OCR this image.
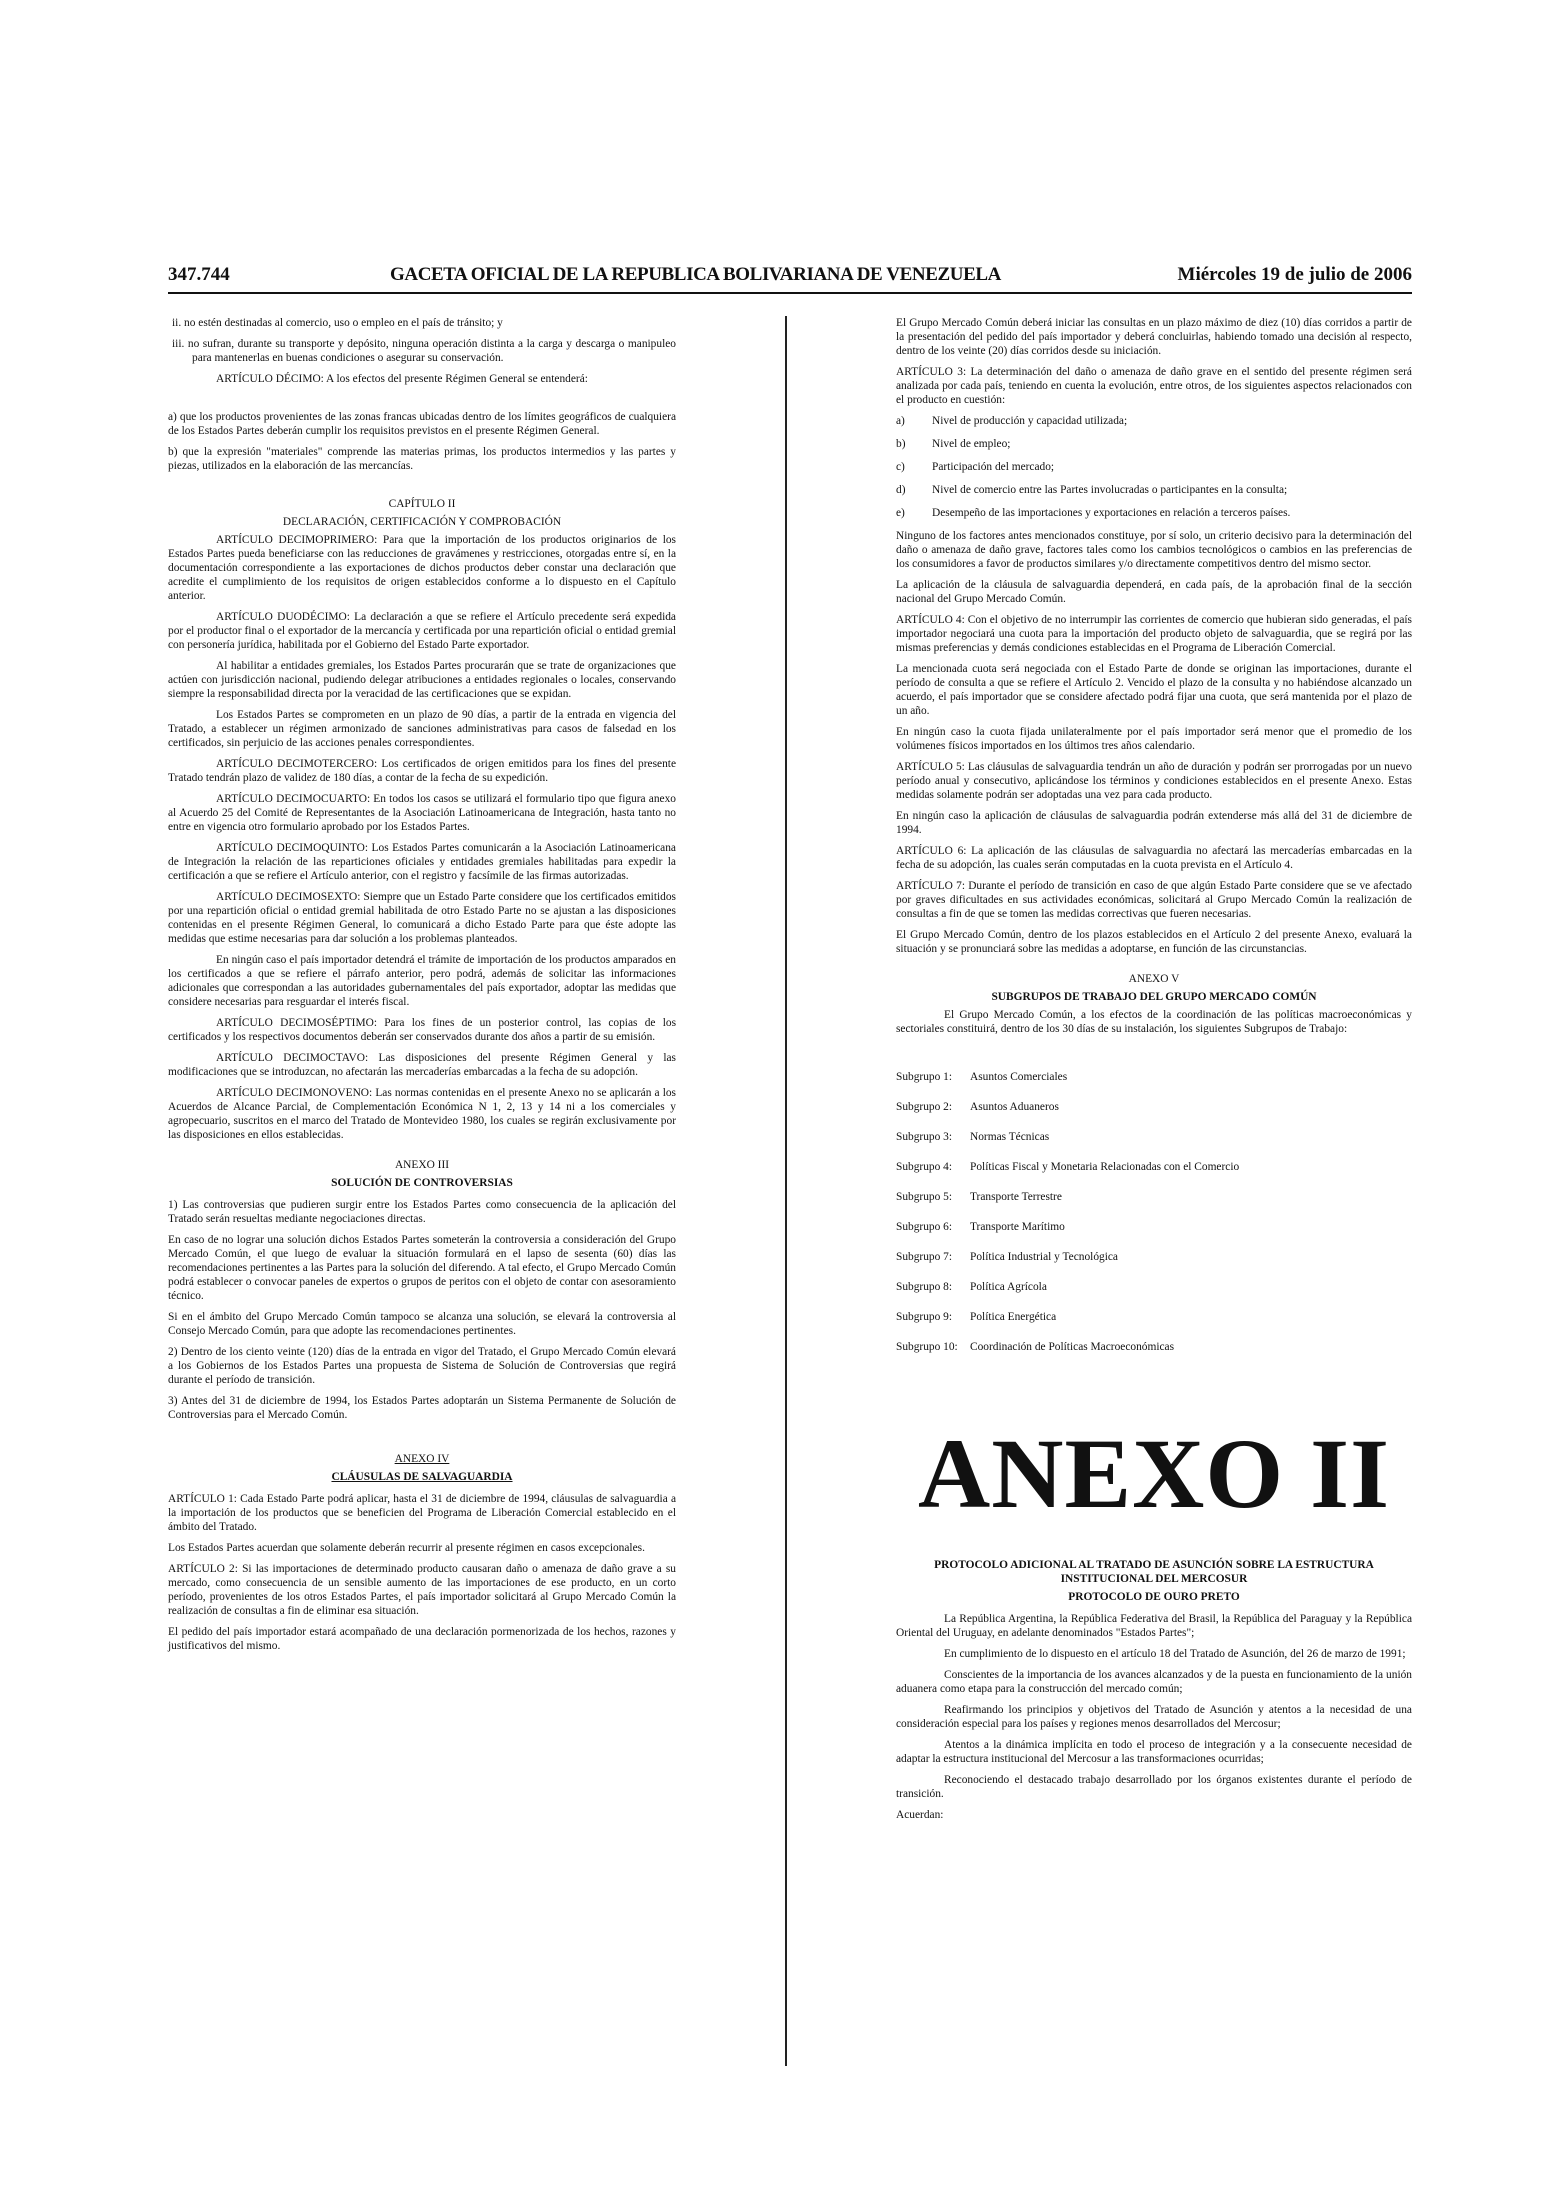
347.744	GACETA OFICIAL DE LA REPUBLICA BOLIVARIANA DE VENEZUELA	Miércoles 19 de julio de 2006

ii. no estén destinadas al comercio, uso o empleo en el país de tránsito; y

iii. no sufran, durante su transporte y depósito, ninguna operación distinta a la carga y descarga o manipuleo para mantenerlas en buenas condiciones o asegurar su conservación.

ARTÍCULO DÉCIMO: A los efectos del presente Régimen General se entenderá:

a) que los productos provenientes de las zonas francas ubicadas dentro de los límites geográficos de cualquiera de los Estados Partes deberán cumplir los requisitos previstos en el presente Régimen General.

b) que la expresión "materiales" comprende las materias primas, los productos intermedios y las partes y piezas, utilizados en la elaboración de las mercancías.

CAPÍTULO II

DECLARACIÓN, CERTIFICACIÓN Y COMPROBACIÓN

ARTÍCULO DECIMOPRIMERO: Para que la importación de los productos originarios de los Estados Partes pueda beneficiarse con las reducciones de gravámenes y restricciones, otorgadas entre sí, en la documentación correspondiente a las exportaciones de dichos productos deber constar una declaración que acredite el cumplimiento de los requisitos de origen establecidos conforme a lo dispuesto en el Capítulo anterior.

ARTÍCULO DUODÉCIMO: La declaración a que se refiere el Artículo precedente será expedida por el productor final o el exportador de la mercancía y certificada por una repartición oficial o entidad gremial con personería jurídica, habilitada por el Gobierno del Estado Parte exportador.

Al habilitar a entidades gremiales, los Estados Partes procurarán que se trate de organizaciones que actúen con jurisdicción nacional, pudiendo delegar atribuciones a entidades regionales o locales, conservando siempre la responsabilidad directa por la veracidad de las certificaciones que se expidan.

Los Estados Partes se comprometen en un plazo de 90 días, a partir de la entrada en vigencia del Tratado, a establecer un régimen armonizado de sanciones administrativas para casos de falsedad en los certificados, sin perjuicio de las acciones penales correspondientes.

ARTÍCULO DECIMOTERCERO: Los certificados de origen emitidos para los fines del presente Tratado tendrán plazo de validez de 180 días, a contar de la fecha de su expedición.

ARTÍCULO DECIMOCUARTO: En todos los casos se utilizará el formulario tipo que figura anexo al Acuerdo 25 del Comité de Representantes de la Asociación Latinoamericana de Integración, hasta tanto no entre en vigencia otro formulario aprobado por los Estados Partes.

ARTÍCULO DECIMOQUINTO: Los Estados Partes comunicarán a la Asociación Latinoamericana de Integración la relación de las reparticiones oficiales y entidades gremiales habilitadas para expedir la certificación a que se refiere el Artículo anterior, con el registro y facsímile de las firmas autorizadas.

ARTÍCULO DECIMOSEXTO: Siempre que un Estado Parte considere que los certificados emitidos por una repartición oficial o entidad gremial habilitada de otro Estado Parte no se ajustan a las disposiciones contenidas en el presente Régimen General, lo comunicará a dicho Estado Parte para que éste adopte las medidas que estime necesarias para dar solución a los problemas planteados.

En ningún caso el país importador detendrá el trámite de importación de los productos amparados en los certificados a que se refiere el párrafo anterior, pero podrá, además de solicitar las informaciones adicionales que correspondan a las autoridades gubernamentales del país exportador, adoptar las medidas que considere necesarias para resguardar el interés fiscal.

ARTÍCULO DECIMOSÉPTIMO: Para los fines de un posterior control, las copias de los certificados y los respectivos documentos deberán ser conservados durante dos años a partir de su emisión.

ARTÍCULO DECIMOCTAVO: Las disposiciones del presente Régimen General y las modificaciones que se introduzcan, no afectarán las mercaderías embarcadas a la fecha de su adopción.

ARTÍCULO DECIMONOVENO: Las normas contenidas en el presente Anexo no se aplicarán a los Acuerdos de Alcance Parcial, de Complementación Económica N 1, 2, 13 y 14 ni a los comerciales y agropecuario, suscritos en el marco del Tratado de Montevideo 1980, los cuales se regirán exclusivamente por las disposiciones en ellos establecidas.

ANEXO III

SOLUCIÓN DE CONTROVERSIAS

1) Las controversias que pudieren surgir entre los Estados Partes como consecuencia de la aplicación del Tratado serán resueltas mediante negociaciones directas.

En caso de no lograr una solución dichos Estados Partes someterán la controversia a consideración del Grupo Mercado Común, el que luego de evaluar la situación formulará en el lapso de sesenta (60) días las recomendaciones pertinentes a las Partes para la solución del diferendo. A tal efecto, el Grupo Mercado Común podrá establecer o convocar paneles de expertos o grupos de peritos con el objeto de contar con asesoramiento técnico.

Si en el ámbito del Grupo Mercado Común tampoco se alcanza una solución, se elevará la controversia al Consejo Mercado Común, para que adopte las recomendaciones pertinentes.

2) Dentro de los ciento veinte (120) días de la entrada en vigor del Tratado, el Grupo Mercado Común elevará a los Gobiernos de los Estados Partes una propuesta de Sistema de Solución de Controversias que regirá durante el período de transición.

3) Antes del 31 de diciembre de 1994, los Estados Partes adoptarán un Sistema Permanente de Solución de Controversias para el Mercado Común.

ANEXO IV

CLÁUSULAS DE SALVAGUARDIA

ARTÍCULO 1: Cada Estado Parte podrá aplicar, hasta el 31 de diciembre de 1994, cláusulas de salvaguardia a la importación de los productos que se beneficien del Programa de Liberación Comercial establecido en el ámbito del Tratado.

Los Estados Partes acuerdan que solamente deberán recurrir al presente régimen en casos excepcionales.

ARTÍCULO 2: Si las importaciones de determinado producto causaran daño o amenaza de daño grave a su mercado, como consecuencia de un sensible aumento de las importaciones de ese producto, en un corto período, provenientes de los otros Estados Partes, el país importador solicitará al Grupo Mercado Común la realización de consultas a fin de eliminar esa situación.

El pedido del país importador estará acompañado de una declaración pormenorizada de los hechos, razones y justificativos del mismo.

El Grupo Mercado Común deberá iniciar las consultas en un plazo máximo de diez (10) días corridos a partir de la presentación del pedido del país importador y deberá concluirlas, habiendo tomado una decisión al respecto, dentro de los veinte (20) días corridos desde su iniciación.

ARTÍCULO 3: La determinación del daño o amenaza de daño grave en el sentido del presente régimen será analizada por cada país, teniendo en cuenta la evolución, entre otros, de los siguientes aspectos relacionados con el producto en cuestión:

a) Nivel de producción y capacidad utilizada;

b) Nivel de empleo;

c) Participación del mercado;

d) Nivel de comercio entre las Partes involucradas o participantes en la consulta;

e) Desempeño de las importaciones y exportaciones en relación a terceros países.

Ninguno de los factores antes mencionados constituye, por sí solo, un criterio decisivo para la determinación del daño o amenaza de daño grave, factores tales como los cambios tecnológicos o cambios en las preferencias de los consumidores a favor de productos similares y/o directamente competitivos dentro del mismo sector.

La aplicación de la cláusula de salvaguardia dependerá, en cada país, de la aprobación final de la sección nacional del Grupo Mercado Común.

ARTÍCULO 4: Con el objetivo de no interrumpir las corrientes de comercio que hubieran sido generadas, el país importador negociará una cuota para la importación del producto objeto de salvaguardia, que se regirá por las mismas preferencias y demás condiciones establecidas en el Programa de Liberación Comercial.

La mencionada cuota será negociada con el Estado Parte de donde se originan las importaciones, durante el período de consulta a que se refiere el Artículo 2. Vencido el plazo de la consulta y no habiéndose alcanzado un acuerdo, el país importador que se considere afectado podrá fijar una cuota, que será mantenida por el plazo de un año.

En ningún caso la cuota fijada unilateralmente por el país importador será menor que el promedio de los volúmenes físicos importados en los últimos tres años calendario.

ARTÍCULO 5: Las cláusulas de salvaguardia tendrán un año de duración y podrán ser prorrogadas por un nuevo período anual y consecutivo, aplicándose los términos y condiciones establecidos en el presente Anexo. Estas medidas solamente podrán ser adoptadas una vez para cada producto.

En ningún caso la aplicación de cláusulas de salvaguardia podrán extenderse más allá del 31 de diciembre de 1994.

ARTÍCULO 6: La aplicación de las cláusulas de salvaguardia no afectará las mercaderías embarcadas en la fecha de su adopción, las cuales serán computadas en la cuota prevista en el Artículo 4.

ARTÍCULO 7: Durante el período de transición en caso de que algún Estado Parte considere que se ve afectado por graves dificultades en sus actividades económicas, solicitará al Grupo Mercado Común la realización de consultas a fin de que se tomen las medidas correctivas que fueren necesarias.

El Grupo Mercado Común, dentro de los plazos establecidos en el Artículo 2 del presente Anexo, evaluará la situación y se pronunciará sobre las medidas a adoptarse, en función de las circunstancias.

ANEXO V

SUBGRUPOS DE TRABAJO DEL GRUPO MERCADO COMÚN

El Grupo Mercado Común, a los efectos de la coordinación de las políticas macroeconómicas y sectoriales constituirá, dentro de los 30 días de su instalación, los siguientes Subgrupos de Trabajo:

Subgrupo 1:	Asuntos Comerciales
Subgrupo 2:	Asuntos Aduaneros
Subgrupo 3:	Normas Técnicas
Subgrupo 4:	Políticas Fiscal y Monetaria Relacionadas con el Comercio
Subgrupo 5:	Transporte Terrestre
Subgrupo 6:	Transporte Marítimo
Subgrupo 7:	Política Industrial y Tecnológica
Subgrupo 8:	Política Agrícola
Subgrupo 9:	Política Energética
Subgrupo 10:	Coordinación de Políticas Macroeconómicas
ANEXO II

PROTOCOLO ADICIONAL AL TRATADO DE ASUNCIÓN SOBRE LA ESTRUCTURA INSTITUCIONAL DEL MERCOSUR

PROTOCOLO DE OURO PRETO

La República Argentina, la República Federativa del Brasil, la República del Paraguay y la República Oriental del Uruguay, en adelante denominados "Estados Partes";

En cumplimiento de lo dispuesto en el artículo 18 del Tratado de Asunción, del 26 de marzo de 1991;

Conscientes de la importancia de los avances alcanzados y de la puesta en funcionamiento de la unión aduanera como etapa para la construcción del mercado común;

Reafirmando los principios y objetivos del Tratado de Asunción y atentos a la necesidad de una consideración especial para los países y regiones menos desarrollados del Mercosur;

Atentos a la dinámica implícita en todo el proceso de integración y a la consecuente necesidad de adaptar la estructura institucional del Mercosur a las transformaciones ocurridas;

Reconociendo el destacado trabajo desarrollado por los órganos existentes durante el período de transición.

Acuerdan:
